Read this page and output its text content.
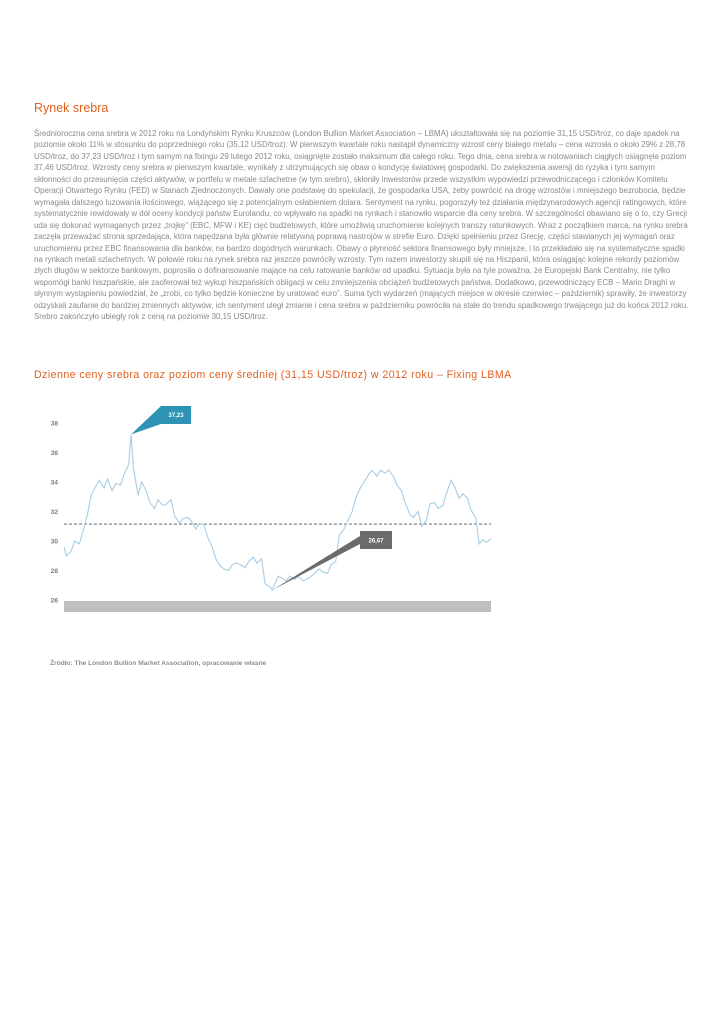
Rynek srebra

Średnioroczna cena srebra w 2012 roku na Londyńskim Rynku Kruszców (London Bullion Market Association – LBMA) ukształtowała się na poziomie 31,15 USD/troz, co daje spadek na poziomie około 11% w stosunku do poprzedniego roku (35,12 USD/troz). W pierwszym kwartale roku nastąpił dynamiczny wzrost ceny białego metalu – cena wzrosła o około 29% z 28,78 USD/troz, do 37,23 USD/troz i tym samym na fixingu 29 lutego 2012 roku, osiągnięte zostało maksimum dla całego roku. Tego dnia, cena srebra w notowaniach ciągłych osiągnęła poziom 37,46 USD/troz. Wzrosty ceny srebra w pierwszym kwartale, wynikały z utrzymujących się obaw o kondycję światowej gospodarki. Do zwiększenia awersji do ryzyka i tym samym skłonności do przesunięcia części aktywów, w portfelu w metale szlachetne (w tym srebro), skłoniły inwestorów przede wszystkim wypowiedzi przewodniczącego i członków Komitetu Operacji Otwartego Rynku (FED) w Stanach Zjednoczonych. Dawały one podstawę do spekulacji, że gospodarka USA, żeby powrócić na drogę wzrostów i mniejszego bezrobocia, będzie wymagała dalszego luzowania ilościowego, wiążącego się z potencjalnym osłabieniem dolara. Sentyment na rynku, pogorszyły też działania międzynarodowych agencji ratingowych, które systematycznie rewidowały w dół oceny kondycji państw Eurolandu, co wpływało na spadki na rynkach i stanowiło wsparcie dla ceny srebra. W szczególności obawiano się o to, czy Grecji uda się dokonać wymaganych przez „trojkę” (EBC, MFW i KE) cięć budżetowych, które umożliwią uruchomienie kolejnych transzy ratunkowych. Wraz z początkiem marca, na rynku srebra zaczęła przeważać strona sprzedająca, która napędzana była głównie relatywną poprawą nastrojów w strefie Euro. Dzięki spełnieniu przez Grecję, części stawianych jej wymagań oraz uruchomieniu przez EBC finansowania dla banków, na bardzo dogodnych warunkach. Obawy o płynność sektora finansowego były mniejsze, i to przekładało się na systematyczne spadki na rynkach metali szlachetnych. W połowie roku na rynek srebra raz jeszcze powróciły wzrosty. Tym razem inwestorzy skupili się na Hiszpanii, która osiągając kolejne rekordy poziomów złych długów w sektorze bankowym, poprosiła o dofinansowanie mające na celu ratowanie banków od upadku. Sytuacja była na tyle poważna, że Europejski Bank Centralny, nie tylko wspomógł banki hiszpańskie, ale zaoferował też wykup hiszpańskich obligacji w celu zmniejszenia obciążeń budżetowych państwa. Dodatkowo, przewodniczący ECB – Mario Draghi w słynnym wystąpieniu powiedział, że „zrobi, co tylko będzie konieczne by uratować euro”. Suma tych wydarzeń (mających miejsce w okresie czerwiec – październik) sprawiły, że inwestorzy odzyskali zaufanie do bardziej zmiennych aktywów, ich sentyment uległ zmianie i cena srebra w październiku powróciła na stałe do trendu spadkowego trwającego już do końca 2012 roku. Srebro zakończyło ubiegły rok z ceną na poziomie 30,15 USD/troz.

Dzienne ceny srebra oraz poziom ceny średniej (31,15 USD/troz) w 2012 roku – Fixing LBMA
26
28
30
32
34
36
38
37,23
26,67
2012-01-03
2012-01-18
2012-02-02
2012-02-17
2012-03-03
2012-03-18
2012-04-02
2012-04-17
2012-05-02
2012-05-17
2012-06-01
2012-06-16
2012-07-01
2012-07-16
2012-07-31
2012-08-15
2012-08-30
2012-09-14
2012-09-29
2012-10-14
2012-10-29
2012-11-13
2012-11-28
2012-12-13
2012-12-28

Źródło: The London Bullion Market Association, opracowanie własne
